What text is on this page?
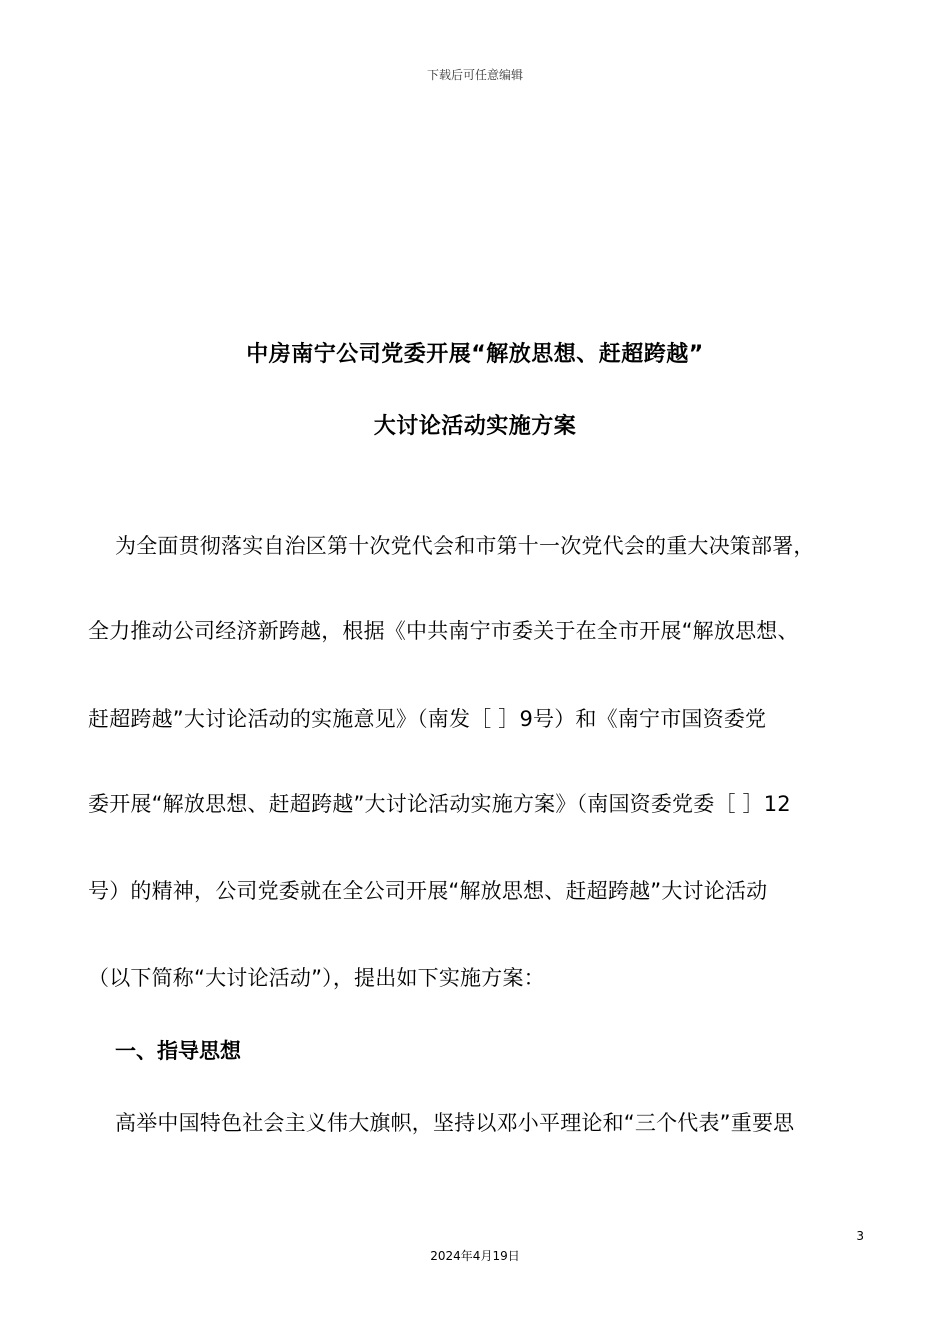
下载后可任意编辑
中房南宁公司党委开展“解放思想、赶超跨越”
大讨论活动实施方案
为全面贯彻落实自治区第十次党代会和市第十一次党代会的重大决策部署，
全力推动公司经济新跨越，根据《中共南宁市委关于在全市开展“解放思想、
赶超跨越”大讨论活动的实施意见》（南发［ ］9号）和《南宁市国资委党
委开展“解放思想、赶超跨越”大讨论活动实施方案》（南国资委党委［ ］12
号）的精神，公司党委就在全公司开展“解放思想、赶超跨越”大讨论活动
（以下简称“大讨论活动”），提出如下实施方案：
一、指导思想
高举中国特色社会主义伟大旗帜，坚持以邓小平理论和“三个代表”重要思
3
2024年4月19日
